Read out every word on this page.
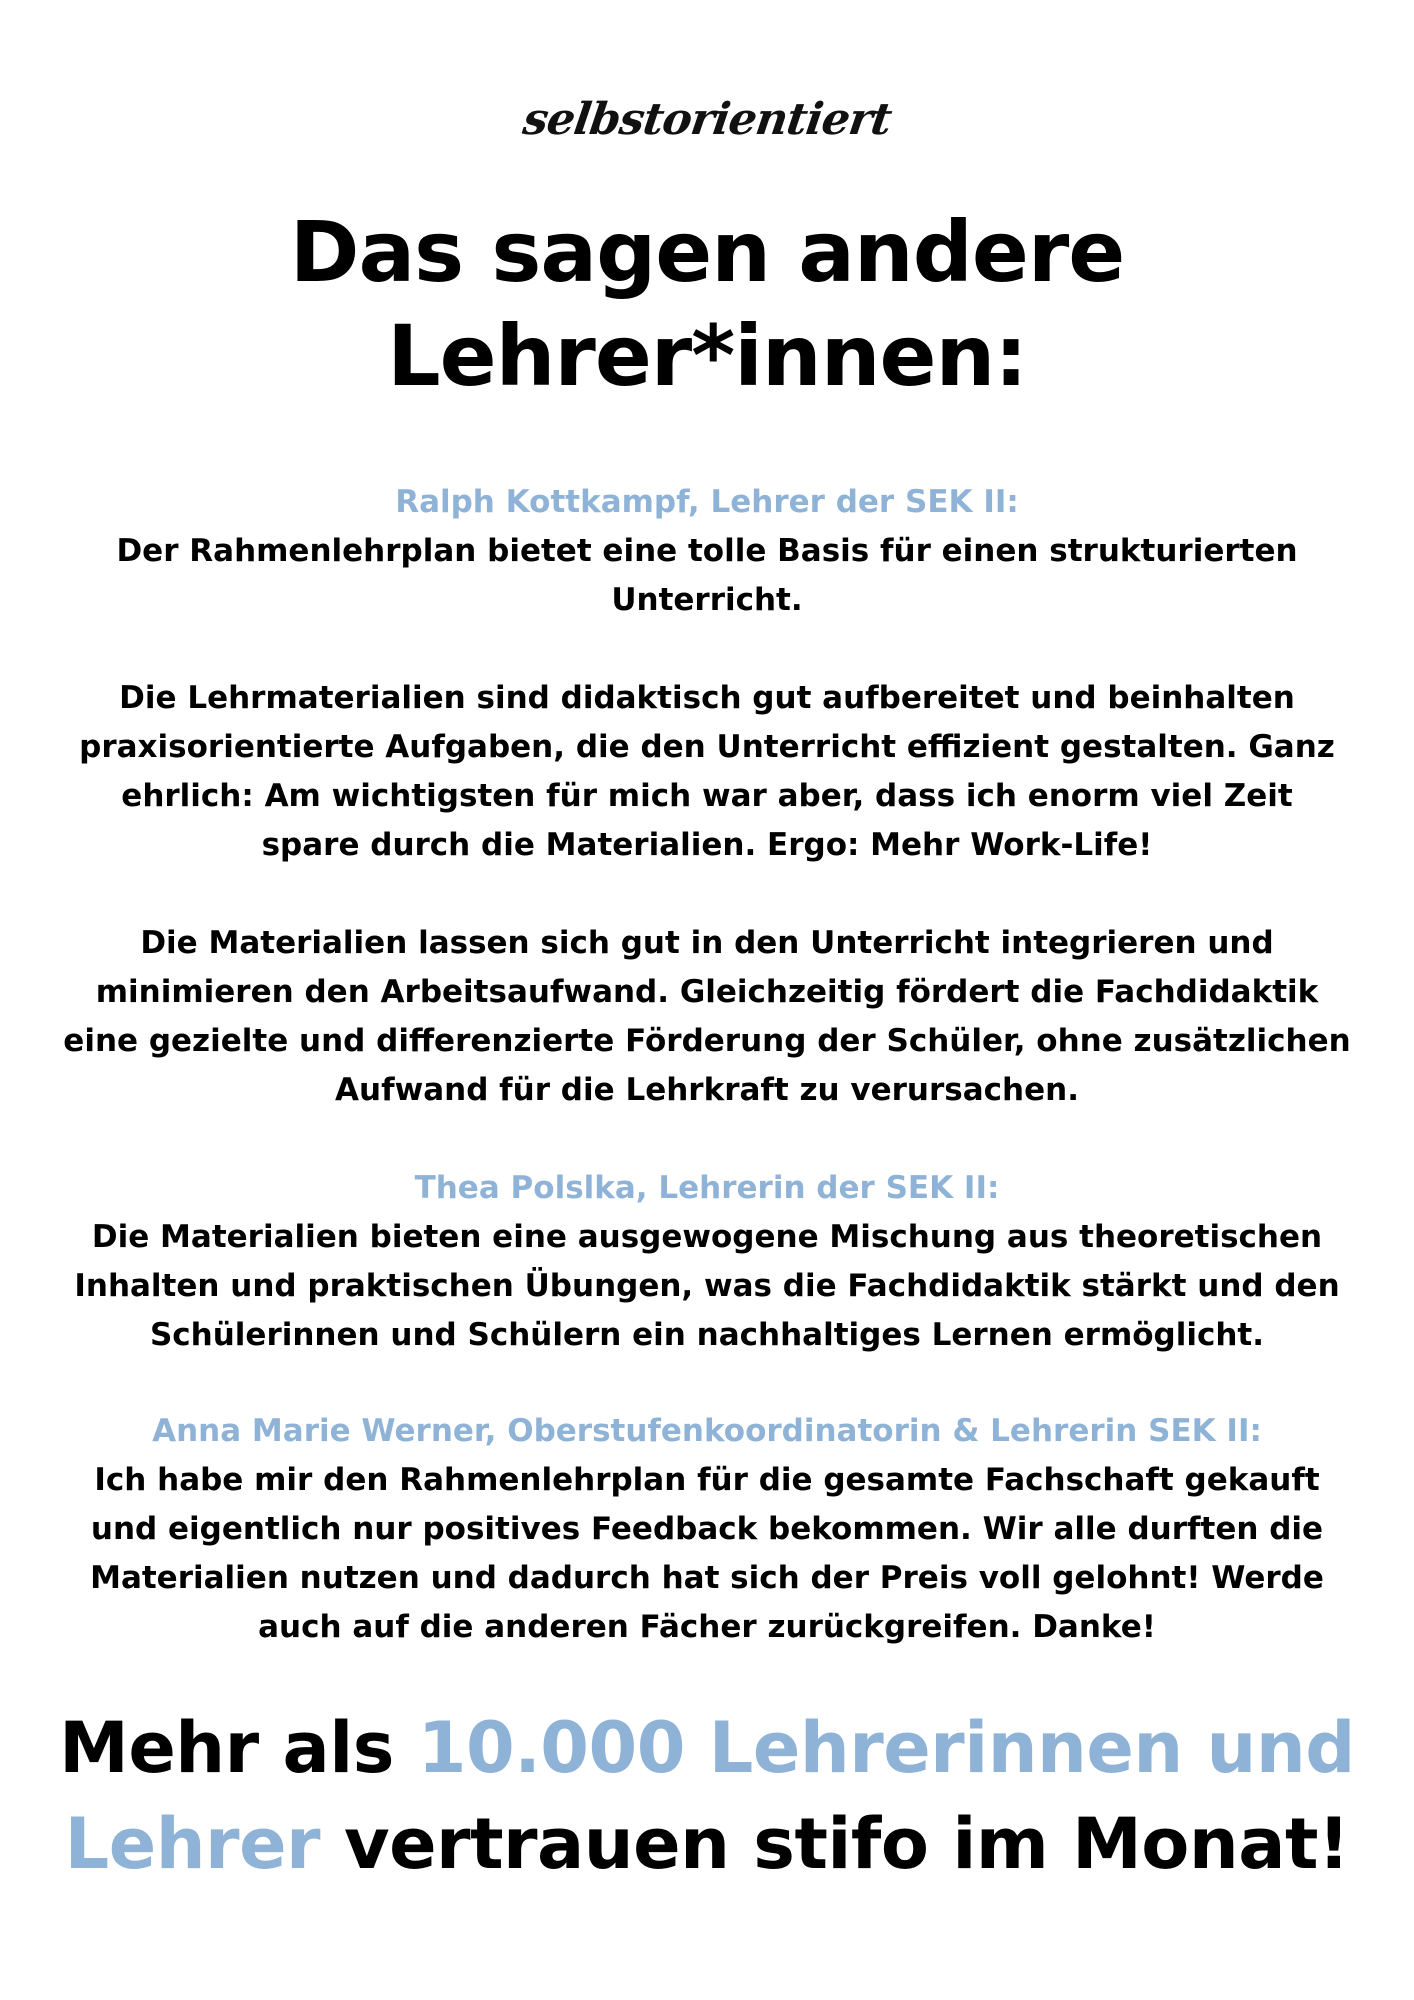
selbstorientiert
Das sagen andere
Lehrer*innen:

Ralph Kottkampf, Lehrer der SEK II:

Der Rahmenlehrplan bietet eine tolle Basis für einen strukturierten Unterricht.

Die Lehrmaterialien sind didaktisch gut aufbereitet und beinhalten praxisorientierte Aufgaben, die den Unterricht effizient gestalten. Ganz ehrlich: Am wichtigsten für mich war aber, dass ich enorm viel Zeit spare durch die Materialien. Ergo: Mehr Work-Life!

Die Materialien lassen sich gut in den Unterricht integrieren und minimieren den Arbeitsaufwand. Gleichzeitig fördert die Fachdidaktik eine gezielte und differenzierte Förderung der Schüler, ohne zusätzlichen Aufwand für die Lehrkraft zu verursachen.

Thea Polslka, Lehrerin der SEK II:

Die Materialien bieten eine ausgewogene Mischung aus theoretischen Inhalten und praktischen Übungen, was die Fachdidaktik stärkt und den Schülerinnen und Schülern ein nachhaltiges Lernen ermöglicht.

Anna Marie Werner, Oberstufenkoordinatorin & Lehrerin SEK II:

Ich habe mir den Rahmenlehrplan für die gesamte Fachschaft gekauft und eigentlich nur positives Feedback bekommen. Wir alle durften die Materialien nutzen und dadurch hat sich der Preis voll gelohnt! Werde auch auf die anderen Fächer zurückgreifen. Danke!

Mehr als 10.000 Lehrerinnen und Lehrer vertrauen stifo im Monat!
